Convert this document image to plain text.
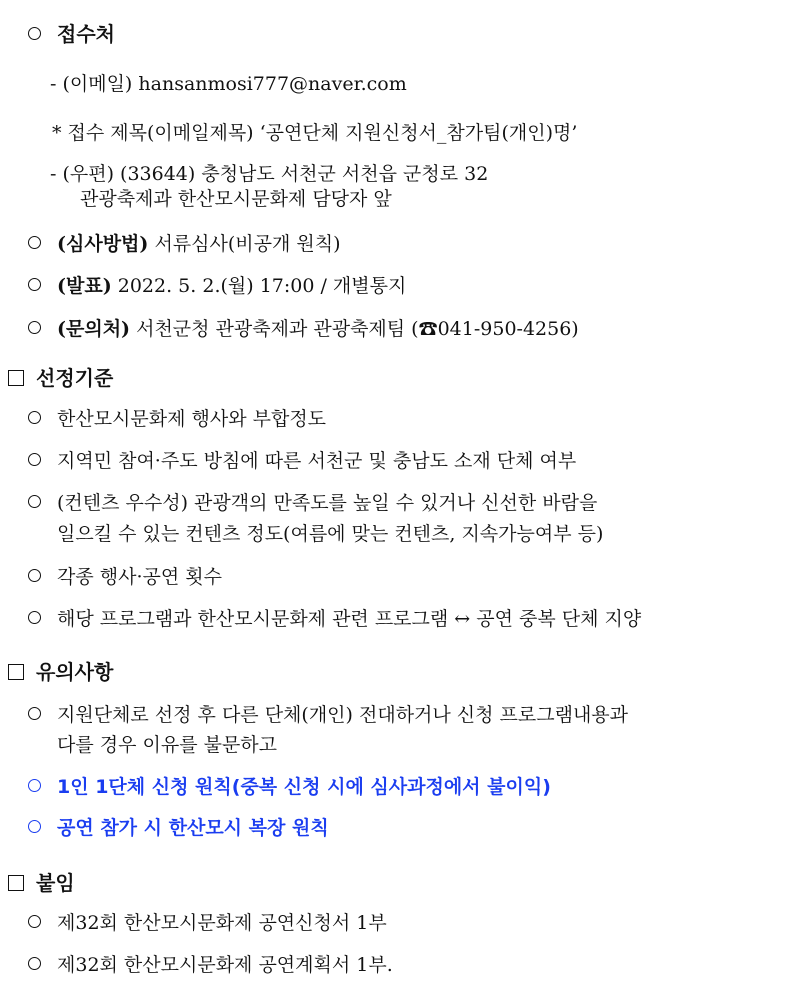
접수처
- (이메일) hansanmosi777@naver.com
* 접수 제목(이메일제목) ‘공연단체 지원신청서_참가팀(개인)명’
- (우편) (33644) 충청남도 서천군 서천읍 군청로 32
관광축제과 한산모시문화제 담당자 앞
(심사방법) 서류심사(비공개 원칙)
(발표) 2022. 5. 2.(월) 17:00 / 개별통지
(문의처) 서천군청 관광축제과 관광축제팀 (☎041-950-4256)
선정기준
한산모시문화제 행사와 부합정도
지역민 참여·주도 방침에 따른 서천군 및 충남도 소재 단체 여부
(컨텐츠 우수성) 관광객의 만족도를 높일 수 있거나 신선한 바람을
일으킬 수 있는 컨텐츠 정도(여름에 맞는 컨텐츠, 지속가능여부 등)
각종 행사·공연 횟수
해당 프로그램과 한산모시문화제 관련 프로그램 ↔ 공연 중복 단체 지양
유의사항
지원단체로 선정 후 다른 단체(개인) 전대하거나 신청 프로그램내용과
다를 경우 이유를 불문하고
1인 1단체 신청 원칙(중복 신청 시에 심사과정에서 불이익)
공연 참가 시 한산모시 복장 원칙
붙임
제32회 한산모시문화제 공연신청서 1부
제32회 한산모시문화제 공연계획서 1부.
